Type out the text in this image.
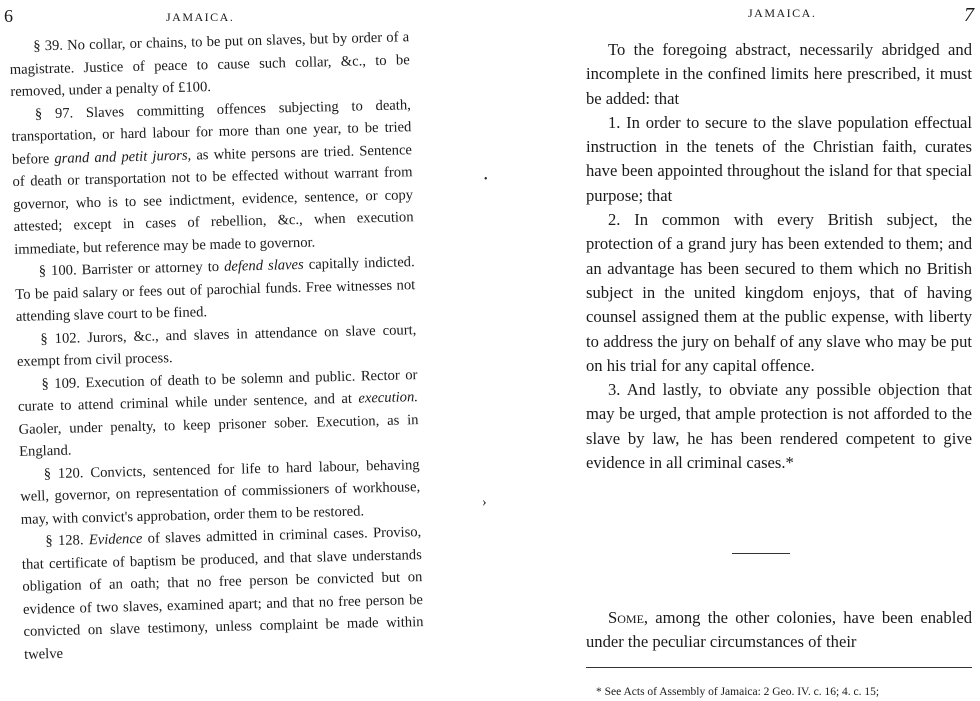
6	JAMAICA.

§ 39. No collar, or chains, to be put on slaves, but by order of a magistrate. Justice of peace to cause such collar, &c., to be removed, under a penalty of £100.

§ 97. Slaves committing offences subjecting to death, transportation, or hard labour for more than one year, to be tried before grand and petit jurors, as white persons are tried. Sentence of death or transportation not to be effected without warrant from governor, who is to see indictment, evidence, sentence, or copy attested; except in cases of rebellion, &c., when execution immediate, but reference may be made to governor.

§ 100. Barrister or attorney to defend slaves capitally indicted. To be paid salary or fees out of parochial funds. Free witnesses not attending slave court to be fined.

§ 102. Jurors, &c., and slaves in attendance on slave court, exempt from civil process.

§ 109. Execution of death to be solemn and public. Rector or curate to attend criminal while under sentence, and at execution. Gaoler, under penalty, to keep prisoner sober. Execution, as in England.

§ 120. Convicts, sentenced for life to hard labour, behaving well, governor, on representation of commissioners of workhouse, may, with convict's approbation, order them to be restored.

§ 128. Evidence of slaves admitted in criminal cases. Proviso, that certificate of baptism be produced, and that slave understands obligation of an oath; that no free person be convicted but on evidence of two slaves, examined apart; and that no free person be convicted on slave testimony, unless complaint be made within twelve

•
›
JAMAICA.	7

To the foregoing abstract, necessarily abridged and incomplete in the confined limits here prescribed, it must be added: that

1. In order to secure to the slave population effectual instruction in the tenets of the Christian faith, curates have been appointed throughout the island for that special purpose; that

2. In common with every British subject, the protection of a grand jury has been extended to them; and an advantage has been secured to them which no British subject in the united kingdom enjoys, that of having counsel assigned them at the public expense, with liberty to address the jury on behalf of any slave who may be put on his trial for any capital offence.

3. And lastly, to obviate any possible objection that may be urged, that ample protection is not afforded to the slave by law, he has been rendered competent to give evidence in all criminal cases.*

Some, among the other colonies, have been enabled under the peculiar circumstances of their

* See Acts of Assembly of Jamaica: 2 Geo. IV. c. 16; 4. c. 15;
